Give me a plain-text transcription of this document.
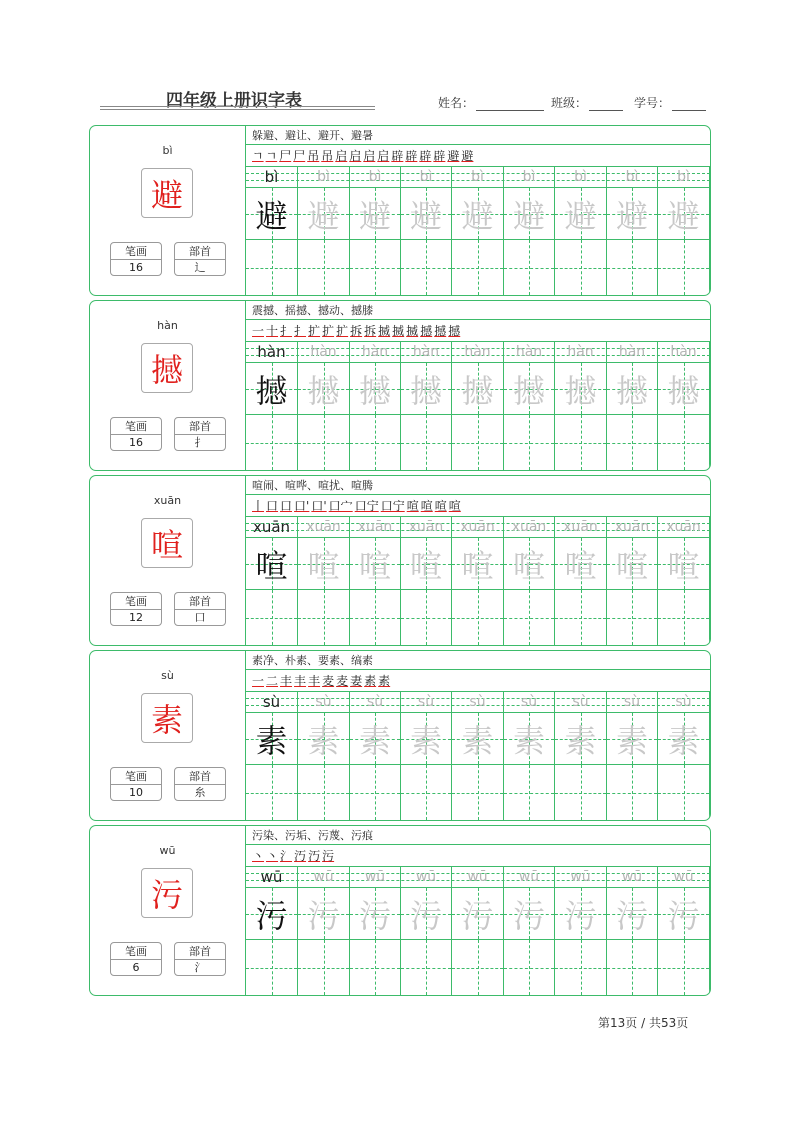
四年级上册识字表	姓名：	班级：	学号：
bì
避
笔画
16
部首
辶
躲避、避让、避开、避暑
ㄱ ㄱ 尸 尸 吊 吊 启 启 启 启 辟 辟 辟 辟 避 避
bì	bì	bì	bì	bì	bì	bì	bì	bì
避 避 避 避 避 避 避 避 避
hàn
撼
笔画
16
部首
扌
震撼、摇撼、撼动、撼膝
一 十 扌 扌 扩 扩 扩 拆 拆 搣 搣 搣 撼 撼 撼
hàn	hàn	hàn	hàn	hàn	hàn	hàn	hàn	hàn
撼 撼 撼 撼 撼 撼 撼 撼 撼
xuān
喧
笔画
12
部首
口
喧闹、喧哗、喧扰、喧腾
丨 口 口 口' 口' 口宀 口宁 口宁 喧 喧 喧 喧
xuān	xuān	xuān	xuān	xuān	xuān	xuān	xuān	xuān
喧 喧 喧 喧 喧 喧 喧 喧 喧
sù
素
笔画
10
部首
糸
素净、朴素、要素、缟素
一 二 丰 丰 丰 麦 麦 妻 素 素
sù	sù	sù	sù	sù	sù	sù	sù	sù
素 素 素 素 素 素 素 素 素
wū
污
笔画
6
部首
氵
污染、污垢、污蔑、污痕
丶 丶 氵 汅 汅 污
wū	wū	wū	wū	wū	wū	wū	wū	wū
污 污 污 污 污 污 污 污 污
第13页 / 共53页
